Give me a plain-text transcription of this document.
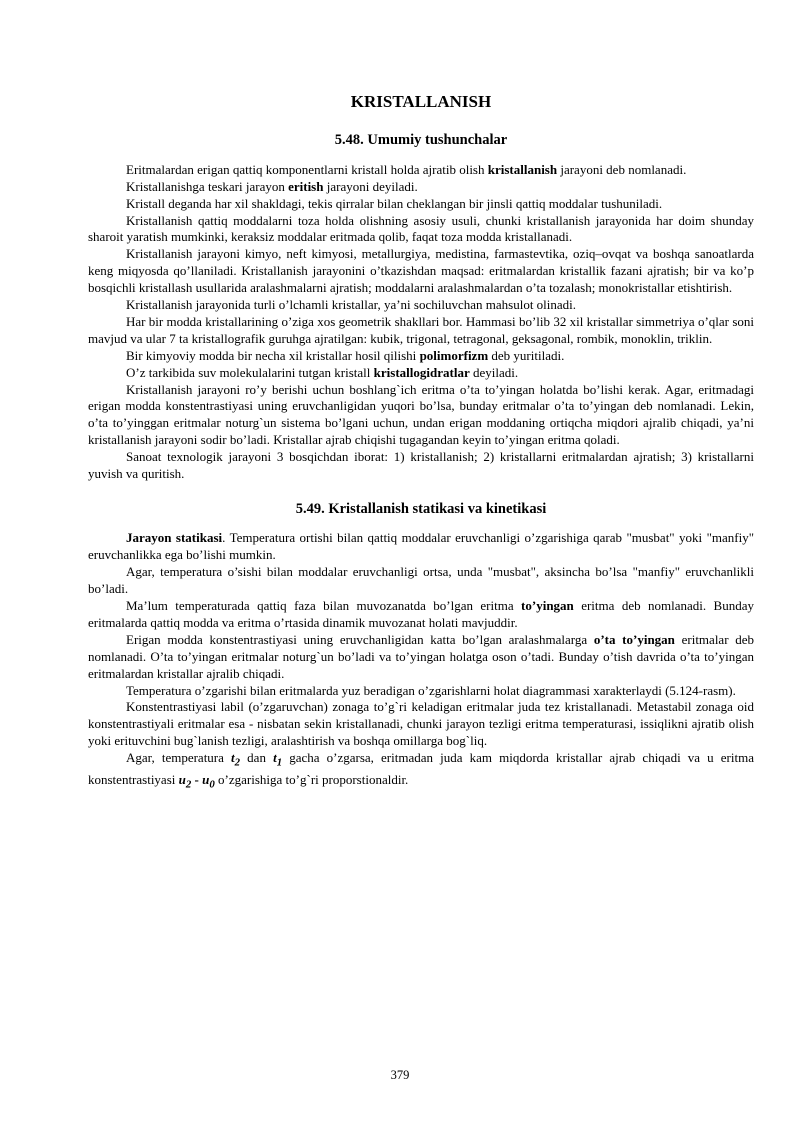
KRISTALLANISH
5.48. Umumiy tushunchalar

Eritmalardan erigan qattiq komponentlarni kristall holda ajratib olish kristallanish jarayoni deb nomlanadi.

Kristallanishga teskari jarayon eritish jarayoni deyiladi.

Kristall deganda har xil shakldagi, tekis qirralar bilan cheklangan bir jinsli qattiq moddalar tushuniladi.

Kristallanish qattiq moddalarni toza holda olishning asosiy usuli, chunki kristallanish jarayonida har doim shunday sharoit yaratish mumkinki, keraksiz moddalar eritmada qolib, faqat toza modda kristallanadi.

Kristallanish jarayoni kimyo, neft kimyosi, metallurgiya, medistina, farmastevtika, oziq–ovqat va boshqa sanoatlarda keng miqyosda qo’llaniladi. Kristallanish jarayonini o’tkazishdan maqsad: eritmalardan kristallik fazani ajratish; bir va ko’p bosqichli kristallash usullarida aralashmalarni ajratish; moddalarni aralashmalardan o’ta tozalash; monokristallar etishtirish.

Kristallanish jarayonida turli o’lchamli kristallar, ya’ni sochiluvchan mahsulot olinadi.

Har bir modda kristallarining o’ziga xos geometrik shakllari bor. Hammasi bo’lib 32 xil kristallar simmetriya o’qlar soni mavjud va ular 7 ta kristallografik guruhga ajratilgan: kubik, trigonal, tetragonal, geksagonal, rombik, monoklin, triklin.

Bir kimyoviy modda bir necha xil kristallar hosil qilishi polimorfizm deb yuritiladi.

O’z tarkibida suv molekulalarini tutgan kristall kristallogidratlar deyiladi.

Kristallanish jarayoni ro’y berishi uchun boshlang`ich eritma o’ta to’yingan holatda bo’lishi kerak. Agar, eritmadagi erigan modda konstentrastiyasi uning eruvchanligidan yuqori bo’lsa, bunday eritmalar o’ta to’yingan deb nomlanadi. Lekin, o’ta to’yinggan eritmalar noturg`un sistema bo’lgani uchun, undan erigan moddaning ortiqcha miqdori ajralib chiqadi, ya’ni kristallanish jarayoni sodir bo’ladi. Kristallar ajrab chiqishi tugagandan keyin to’yingan eritma qoladi.

Sanoat texnologik jarayoni 3 bosqichdan iborat: 1) kristallanish; 2) kristallarni eritmalardan ajratish; 3) kristallarni yuvish va quritish.

5.49. Kristallanish statikasi va kinetikasi

Jarayon statikasi. Temperatura ortishi bilan qattiq moddalar eruvchanligi o’zgarishiga qarab "musbat" yoki "manfiy" eruvchanlikka ega bo’lishi mumkin.

Agar, temperatura o’sishi bilan moddalar eruvchanligi ortsa, unda "musbat", aksincha bo’lsa "manfiy" eruvchanlikli bo’ladi.

Ma’lum temperaturada qattiq faza bilan muvozanatda bo’lgan eritma to’yingan eritma deb nomlanadi. Bunday eritmalarda qattiq modda va eritma o’rtasida dinamik muvozanat holati mavjuddir.

Erigan modda konstentrastiyasi uning eruvchanligidan katta bo’lgan aralashmalarga o’ta to’yingan eritmalar deb nomlanadi. O’ta to’yingan eritmalar noturg`un bo’ladi va to’yingan holatga oson o’tadi. Bunday o’tish davrida o’ta to’yingan eritmalardan kristallar ajralib chiqadi.

Temperatura o’zgarishi bilan eritmalarda yuz beradigan o’zgarishlarni holat diagrammasi xarakterlaydi (5.124-rasm).

Konstentrastiyasi labil (o’zgaruvchan) zonaga to’g`ri keladigan eritmalar juda tez kristallanadi. Metastabil zonaga oid konstentrastiyali eritmalar esa - nisbatan sekin kristallanadi, chunki jarayon tezligi eritma temperaturasi, issiqlikni ajratib olish yoki erituvchini bug`lanish tezligi, aralashtirish va boshqa omillarga bog`liq.

Agar, temperatura $t_2$ dan $t_1$ gacha o’zgarsa, eritmadan juda kam miqdorda kristallar ajrab chiqadi va u eritma konstentrastiyasi $u_2 - u_0$ o’zgarishiga to’g`ri proporstionaldir.

379
